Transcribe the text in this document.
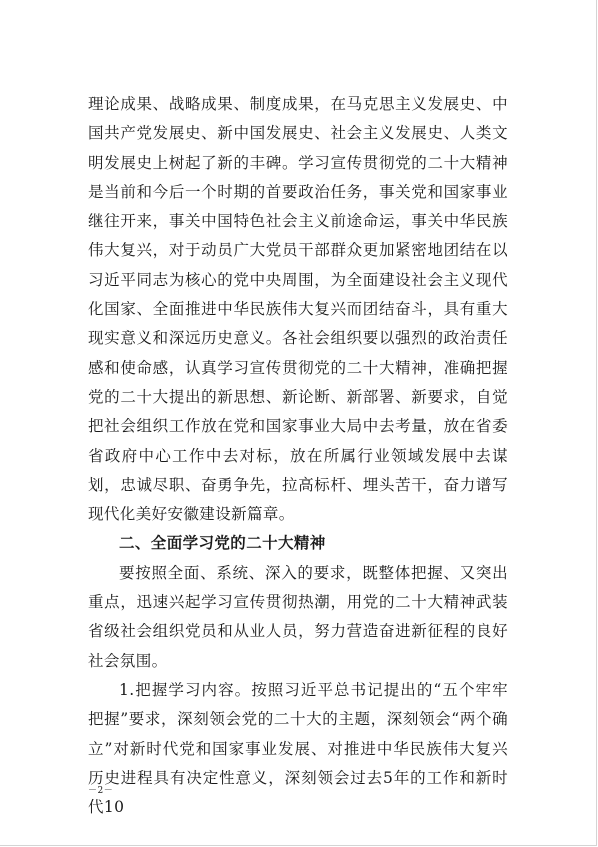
理论成果、战略成果、制度成果，在马克思主义发展史、中国共产党发展史、新中国发展史、社会主义发展史、人类文明发展史上树起了新的丰碑。学习宣传贯彻党的二十大精神是当前和今后一个时期的首要政治任务，事关党和国家事业继往开来，事关中国特色社会主义前途命运，事关中华民族伟大复兴，对于动员广大党员干部群众更加紧密地团结在以习近平同志为核心的党中央周围，为全面建设社会主义现代化国家、全面推进中华民族伟大复兴而团结奋斗，具有重大现实意义和深远历史意义。各社会组织要以强烈的政治责任感和使命感，认真学习宣传贯彻党的二十大精神，准确把握党的二十大提出的新思想、新论断、新部署、新要求，自觉把社会组织工作放在党和国家事业大局中去考量，放在省委省政府中心工作中去对标，放在所属行业领域发展中去谋划，忠诚尽职、奋勇争先，拉高标杆、埋头苦干，奋力谱写现代化美好安徽建设新篇章。

二、全面学习党的二十大精神

要按照全面、系统、深入的要求，既整体把握、又突出重点，迅速兴起学习宣传贯彻热潮，用党的二十大精神武装省级社会组织党员和从业人员，努力营造奋进新征程的良好社会氛围。

1.把握学习内容。按照习近平总书记提出的“五个牢牢把握”要求，深刻领会党的二十大的主题，深刻领会“两个确立”对新时代党和国家事业发展、对推进中华民族伟大复兴历史进程具有决定性意义，深刻领会过去5年的工作和新时代10

－2－
